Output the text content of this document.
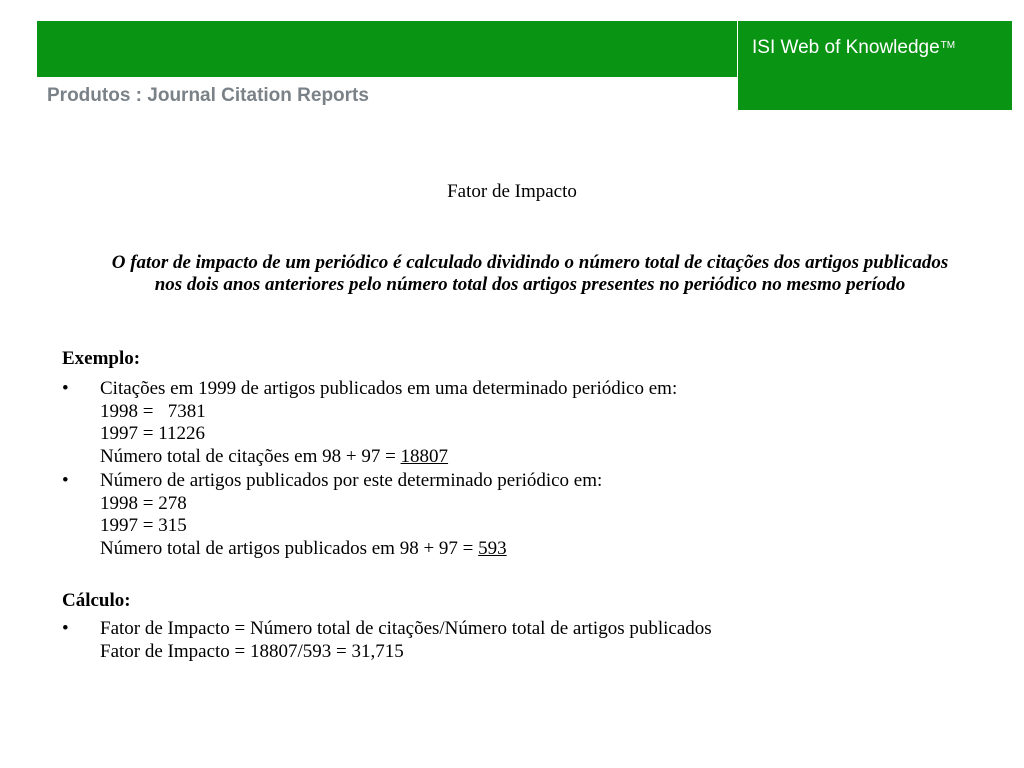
ISI Web of Knowledge™
Produtos : Journal Citation Reports
Fator de Impacto
O fator de impacto de um periódico é calculado dividindo o número total de citações dos artigos publicados nos dois anos anteriores pelo número total dos artigos presentes no periódico no mesmo período
Exemplo:
• Citações em 1999 de artigos publicados em uma determinado periódico em:
1998 =   7381
1997 = 11226
Número total de citações em 98 + 97 = 18807
• Número de artigos publicados por este determinado periódico em:
1998 = 278
1997 = 315
Número total de artigos publicados em 98 + 97 = 593
Cálculo:
• Fator de Impacto = Número total de citações/Número total de artigos publicados
Fator de Impacto = 18807/593 = 31,715
